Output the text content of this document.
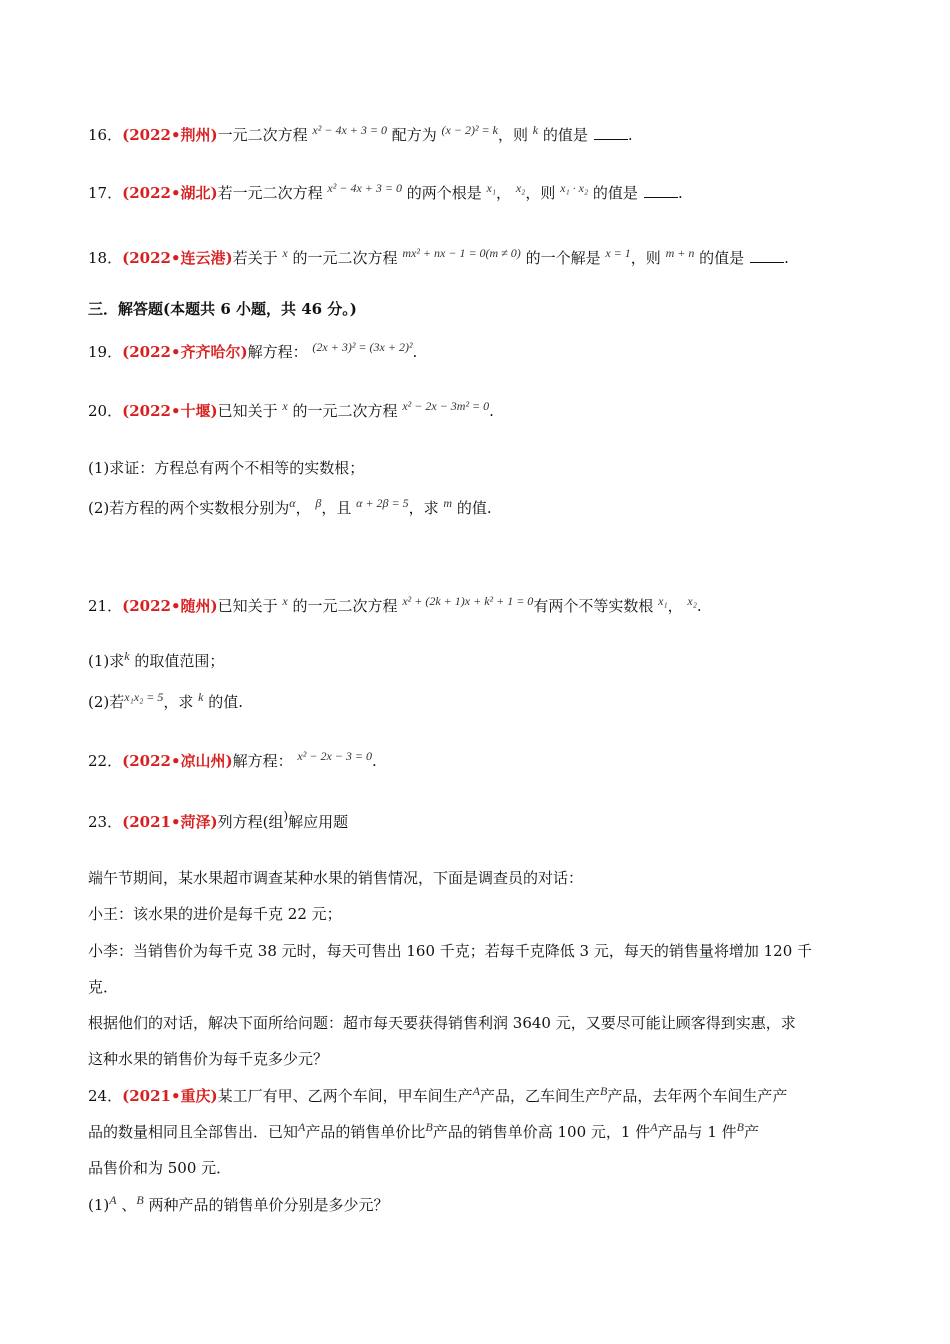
16．(2022•荆州)一元二次方程 $^{x^2 - 4x + 3 = 0}$ 配方为 $^{(x - 2)^2 = k}$，则 $^k$ 的值是	.
17．(2022•湖北)若一元二次方程 $^{x^2 - 4x + 3 = 0}$ 的两个根是 $^{x_1}$， $^{x_2}$，则 $^{x_1 \cdot x_2}$ 的值是	.
18．(2022•连云港)若关于 $^x$ 的一元二次方程 $^{mx^2 + nx - 1 = 0(m \ne 0)}$ 的一个解是 $^{x = 1}$，则 $^{m + n}$ 的值是	.
三．解答题(本题共 6 小题，共 46 分。)
19．(2022•齐齐哈尔)解方程： $^{(2x + 3)^2 = (3x + 2)^2}$.
20．(2022•十堰)已知关于 $^x$ 的一元二次方程 $^{x^2 - 2x - 3m^2 = 0}$.
(1)求证：方程总有两个不相等的实数根；
(2)若方程的两个实数根分别为$^\alpha$， $^\beta$，且 $^{\alpha + 2\beta = 5}$，求 $^m$ 的值.
21．(2022•随州)已知关于 $^x$ 的一元二次方程 $^{x^2 + (2k + 1)x + k^2 + 1 = 0}$有两个不等实数根 $^{x_1}$， $^{x_2}$.
(1)求$^k$ 的取值范围；
(2)若$^{x_1x_2 = 5}$，求 $^k$ 的值.
22．(2022•凉山州)解方程： $^{x^2 - 2x - 3 = 0}$.
23．(2021•菏泽)列方程(组)解应用题
端午节期间，某水果超市调查某种水果的销售情况，下面是调查员的对话：
小王：该水果的进价是每千克 22 元；
小李：当销售价为每千克 38 元时，每天可售出 160 千克；若每千克降低 3 元，每天的销售量将增加 120 千
克．
根据他们的对话，解决下面所给问题：超市每天要获得销售利润 3640 元，又要尽可能让顾客得到实惠，求
这种水果的销售价为每千克多少元？
24．(2021•重庆)某工厂有甲、乙两个车间，甲车间生产$^A$产品，乙车间生产$^B$产品，去年两个车间生产产
品的数量相同且全部售出．已知$^A$产品的销售单价比$^B$产品的销售单价高 100 元，1 件$^A$产品与 1 件$^B$产
品售价和为 500 元．
$(1)^A$ 、$^B$ 两种产品的销售单价分别是多少元？
